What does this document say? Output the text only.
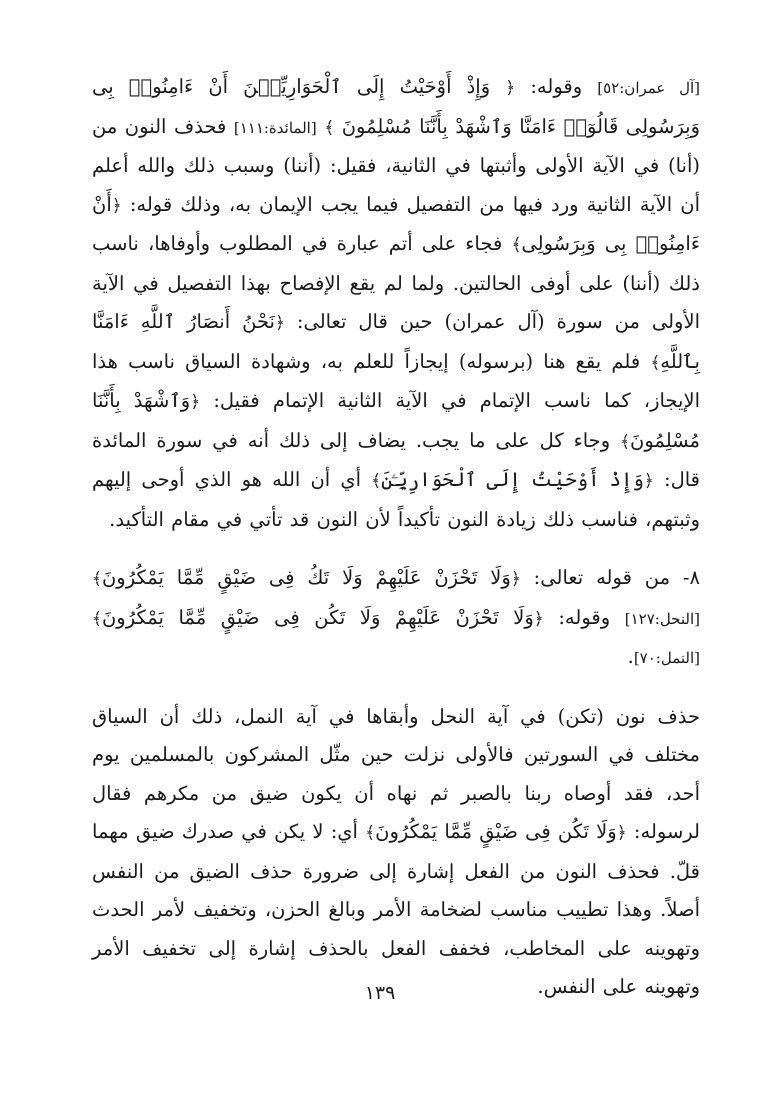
[آل عمران:٥٢] وقوله: ﴿ وَإِذْ أَوْحَيْتُ إِلَى ٱلْحَوَارِيِّـۧنَ أَنْ ءَامِنُوا۟ بِى وَبِرَسُولِى قَالُوٓا۟ ءَامَنَّا وَٱشْهَدْ بِأَنَّنَا مُسْلِمُونَ ﴾ [المائدة:١١١] فحذف النون من (أنا) في الآية الأولى وأثبتها في الثانية، فقيل: (أننا) وسبب ذلك والله أعلم أن الآية الثانية ورد فيها من التفصيل فيما يجب الإيمان به، وذلك قوله: ﴿أَنْ ءَامِنُوا۟ بِى وَبِرَسُولِى﴾ فجاء على أتم عبارة في المطلوب وأوفاها، ناسب ذلك (أننا) على أوفى الحالتين. ولما لم يقع الإفصاح بهذا التفصيل في الآية الأولى من سورة (آل عمران) حين قال تعالى: ﴿نَحْنُ أَنصَارُ ٱللَّهِ ءَامَنَّا بِٱللَّهِ﴾ فلم يقع هنا (برسوله) إيجازاً للعلم به، وشهادة السياق ناسب هذا الإيجاز، كما ناسب الإتمام في الآية الثانية الإتمام فقيل: ﴿وَٱشْهَدْ بِأَنَّنَا مُسْلِمُونَ﴾ وجاء كل على ما يجب. يضاف إلى ذلك أنه في سورة المائدة قال: ﴿وَإِذْ أَوْحَيْتُ إِلَى ٱلْحَوَارِيِّـۧنَ﴾ أي أن الله هو الذي أوحى إليهم وثبتهم، فناسب ذلك زيادة النون تأكيداً لأن النون قد تأتي في مقام التأكيد.

٨- من قوله تعالى: ﴿وَلَا تَحْزَنْ عَلَيْهِمْ وَلَا تَكُ فِى ضَيْقٍ مِّمَّا يَمْكُرُونَ﴾ [النحل:١٢٧] وقوله: ﴿وَلَا تَحْزَنْ عَلَيْهِمْ وَلَا تَكُن فِى ضَيْقٍ مِّمَّا يَمْكُرُونَ﴾ [النمل:٧٠].

حذف نون (تكن) في آية النحل وأبقاها في آية النمل، ذلك أن السياق مختلف في السورتين فالأولى نزلت حين مثّل المشركون بالمسلمين يوم أحد، فقد أوصاه ربنا بالصبر ثم نهاه أن يكون ضيق من مكرهم فقال لرسوله: ﴿وَلَا تَكُن فِى ضَيْقٍ مِّمَّا يَمْكُرُونَ﴾ أي: لا يكن في صدرك ضيق مهما قلّ. فحذف النون من الفعل إشارة إلى ضرورة حذف الضيق من النفس أصلاً. وهذا تطييب مناسب لضخامة الأمر وبالغ الحزن، وتخفيف لأمر الحدث وتهوينه على المخاطب، فخفف الفعل بالحذف إشارة إلى تخفيف الأمر وتهوينه على النفس.

١٣٩
